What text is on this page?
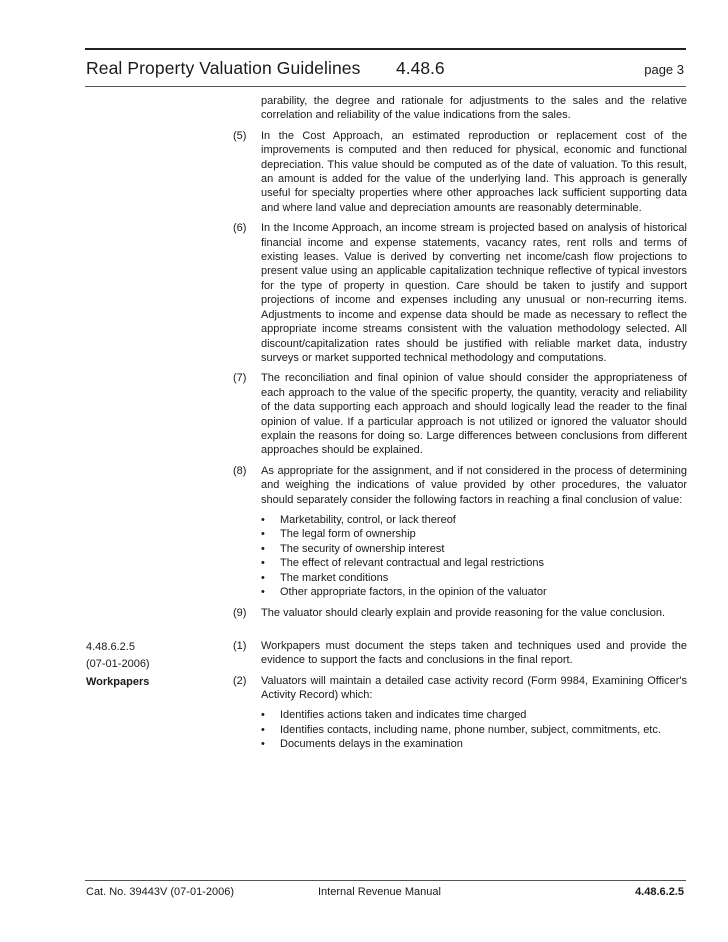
Real Property Valuation Guidelines 4.48.6	page 3
parability, the degree and rationale for adjustments to the sales and the relative correlation and reliability of the value indications from the sales.
(5) In the Cost Approach, an estimated reproduction or replacement cost of the improvements is computed and then reduced for physical, economic and functional depreciation. This value should be computed as of the date of valuation. To this result, an amount is added for the value of the underlying land. This approach is generally useful for specialty properties where other approaches lack sufficient supporting data and where land value and depreciation amounts are reasonably determinable.
(6) In the Income Approach, an income stream is projected based on analysis of historical financial income and expense statements, vacancy rates, rent rolls and terms of existing leases. Value is derived by converting net income/cash flow projections to present value using an applicable capitalization technique reflective of typical investors for the type of property in question. Care should be taken to justify and support projections of income and expenses including any unusual or non-recurring items. Adjustments to income and expense data should be made as necessary to reflect the appropriate income streams consistent with the valuation methodology selected. All discount/capitalization rates should be justified with reliable market data, industry surveys or market supported technical methodology and computations.
(7) The reconciliation and final opinion of value should consider the appropriateness of each approach to the value of the specific property, the quantity, veracity and reliability of the data supporting each approach and should logically lead the reader to the final opinion of value. If a particular approach is not utilized or ignored the valuator should explain the reasons for doing so. Large differences between conclusions from different approaches should be explained.
(8) As appropriate for the assignment, and if not considered in the process of determining and weighing the indications of value provided by other procedures, the valuator should separately consider the following factors in reaching a final conclusion of value:
• Marketability, control, or lack thereof
• The legal form of ownership
• The security of ownership interest
• The effect of relevant contractual and legal restrictions
• The market conditions
• Other appropriate factors, in the opinion of the valuator
(9) The valuator should clearly explain and provide reasoning for the value conclusion.
4.48.6.2.5
(07-01-2006)
Workpapers
(1) Workpapers must document the steps taken and techniques used and provide the evidence to support the facts and conclusions in the final report.
(2) Valuators will maintain a detailed case activity record (Form 9984, Examining Officer's Activity Record) which:
• Identifies actions taken and indicates time charged
• Identifies contacts, including name, phone number, subject, commitments, etc.
• Documents delays in the examination
Cat. No. 39443V (07-01-2006)	Internal Revenue Manual	4.48.6.2.5
